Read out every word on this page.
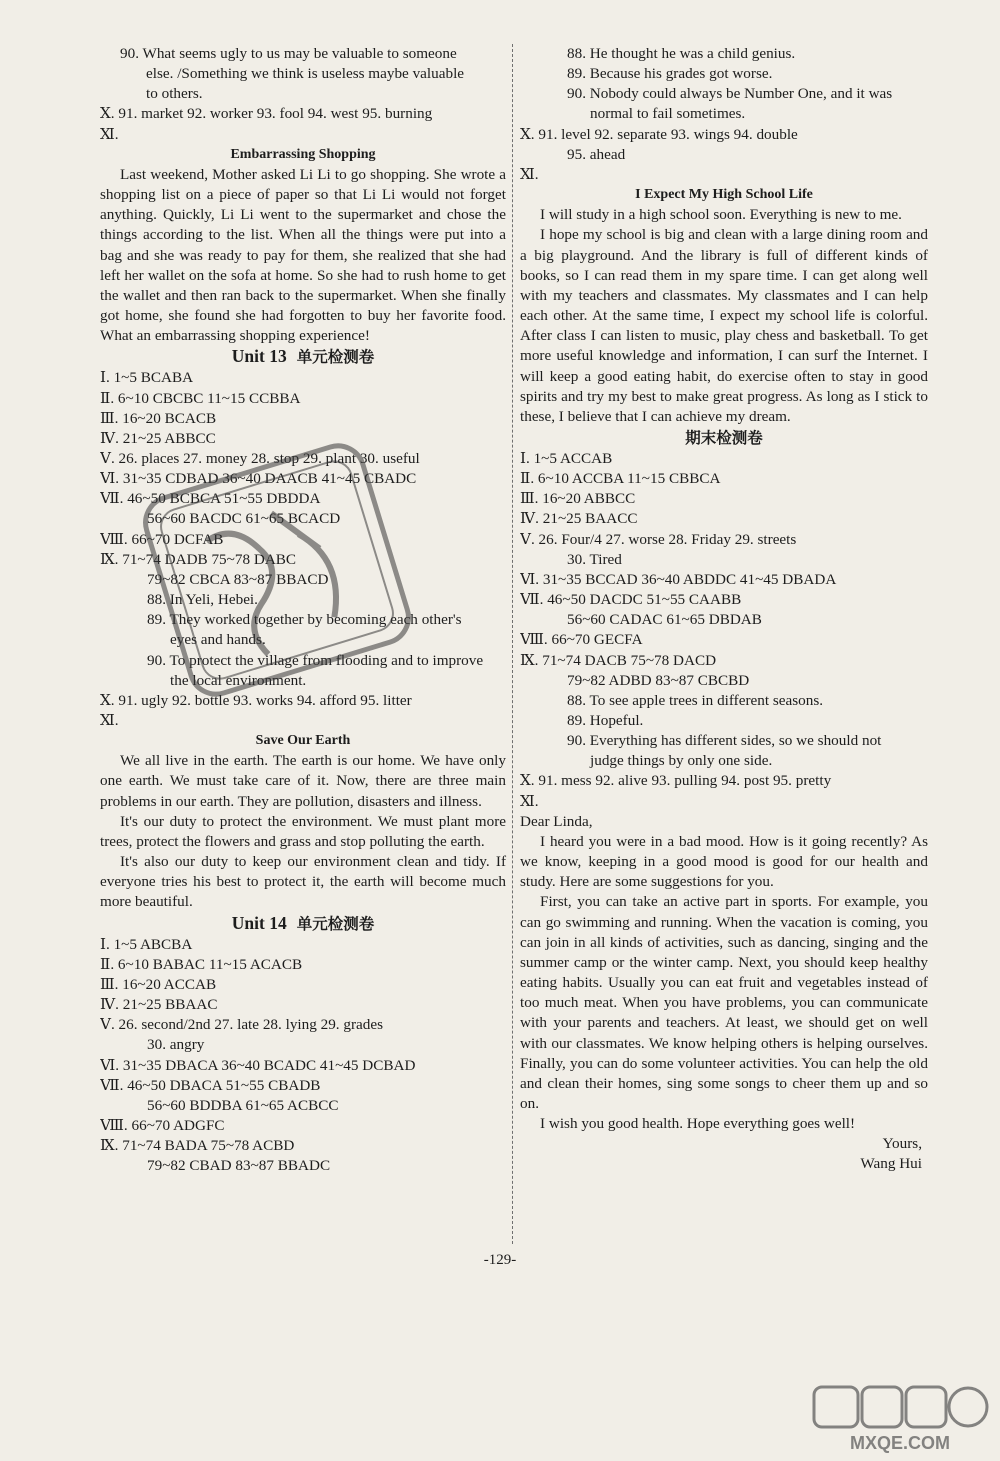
90. What seems ugly to us may be valuable to someone
else. /Something we think is useless maybe valuable
to others.
Ⅹ. 91. market 92. worker 93. fool 94. west 95. burning
Ⅺ.
Embarrassing Shopping

Last weekend, Mother asked Li Li to go shopping. She wrote a shopping list on a piece of paper so that Li Li would not forget anything. Quickly, Li Li went to the supermarket and chose the things according to the list. When all the things were put into a bag and she was ready to pay for them, she realized that she had left her wallet on the sofa at home. So she had to rush home to get the wallet and then ran back to the supermarket. When she finally got home, she found she had forgotten to buy her favorite food. What an embarrassing shopping experience!

Unit 13 单元检测卷
Ⅰ. 1~5 BCABA
Ⅱ. 6~10 CBCBC 11~15 CCBBA
Ⅲ. 16~20 BCACB
Ⅳ. 21~25 ABBCC
Ⅴ. 26. places 27. money 28. stop 29. plant 30. useful
Ⅵ. 31~35 CDBAD 36~40 DAACB 41~45 CBADC
Ⅶ. 46~50 BCBCA 51~55 DBDDA
56~60 BACDC 61~65 BCACD
Ⅷ. 66~70 DCFAB
Ⅸ. 71~74 DADB 75~78 DABC
79~82 CBCA 83~87 BBACD
88. In Yeli, Hebei.
89. They worked together by becoming each other's
eyes and hands.
90. To protect the village from flooding and to improve
the local environment.
Ⅹ. 91. ugly 92. bottle 93. works 94. afford 95. litter
Ⅺ.
Save Our Earth

We all live in the earth. The earth is our home. We have only one earth. We must take care of it. Now, there are three main problems in our earth. They are pollution, disasters and illness.

It's our duty to protect the environment. We must plant more trees, protect the flowers and grass and stop polluting the earth.

It's also our duty to keep our environment clean and tidy. If everyone tries his best to protect it, the earth will become much more beautiful.

Unit 14 单元检测卷
Ⅰ. 1~5 ABCBA
Ⅱ. 6~10 BABAC 11~15 ACACB
Ⅲ. 16~20 ACCAB
Ⅳ. 21~25 BBAAC
Ⅴ. 26. second/2nd 27. late 28. lying 29. grades
30. angry
Ⅵ. 31~35 DBACA 36~40 BCADC 41~45 DCBAD
Ⅶ. 46~50 DBACA 51~55 CBADB
56~60 BDDBA 61~65 ACBCC
Ⅷ. 66~70 ADGFC
Ⅸ. 71~74 BADA 75~78 ACBD
79~82 CBAD 83~87 BBADC
88. He thought he was a child genius.
89. Because his grades got worse.
90. Nobody could always be Number One, and it was
normal to fail sometimes.
Ⅹ. 91. level 92. separate 93. wings 94. double
95. ahead
Ⅺ.
I Expect My High School Life

I will study in a high school soon. Everything is new to me.

I hope my school is big and clean with a large dining room and a big playground. And the library is full of different kinds of books, so I can read them in my spare time. I can get along well with my teachers and classmates. My classmates and I can help each other. At the same time, I expect my school life is colorful. After class I can listen to music, play chess and basketball. To get more useful knowledge and information, I can surf the Internet. I will keep a good eating habit, do exercise often to stay in good spirits and try my best to make great progress. As long as I stick to these, I believe that I can achieve my dream.

期末检测卷
Ⅰ. 1~5 ACCAB
Ⅱ. 6~10 ACCBA 11~15 CBBCA
Ⅲ. 16~20 ABBCC
Ⅳ. 21~25 BAACC
Ⅴ. 26. Four/4 27. worse 28. Friday 29. streets
30. Tired
Ⅵ. 31~35 BCCAD 36~40 ABDDC 41~45 DBADA
Ⅶ. 46~50 DACDC 51~55 CAABB
56~60 CADAC 61~65 DBDAB
Ⅷ. 66~70 GECFA
Ⅸ. 71~74 DACB 75~78 DACD
79~82 ADBD 83~87 CBCBD
88. To see apple trees in different seasons.
89. Hopeful.
90. Everything has different sides, so we should not
judge things by only one side.
Ⅹ. 91. mess 92. alive 93. pulling 94. post 95. pretty
Ⅺ.
Dear Linda,

I heard you were in a bad mood. How is it going recently? As we know, keeping in a good mood is good for our health and study. Here are some suggestions for you.

First, you can take an active part in sports. For example, you can go swimming and running. When the vacation is coming, you can join in all kinds of activities, such as dancing, singing and the summer camp or the winter camp. Next, you should keep healthy eating habits. Usually you can eat fruit and vegetables instead of too much meat. When you have problems, you can communicate with your parents and teachers. At least, we should get on well with our classmates. We know helping others is helping ourselves. Finally, you can do some volunteer activities. You can help the old and clean their homes, sing some songs to cheer them up and so on.

I wish you good health. Hope everything goes well!

Yours,
Wang Hui
-129-
MXQE.COM
